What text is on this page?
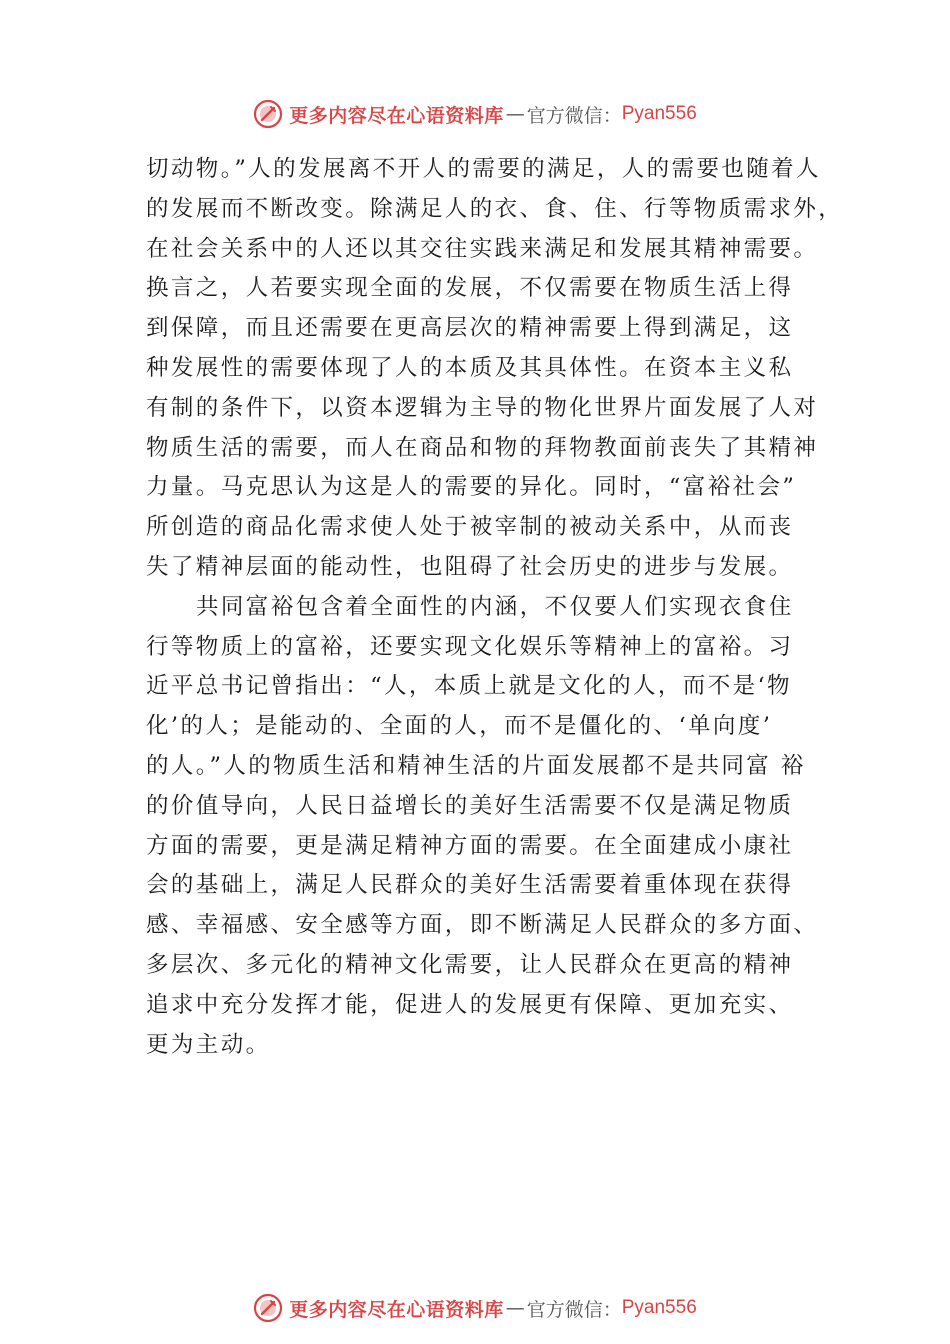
更多内容尽在心语资料库 — 官方微信： Pyan556
切动物。”人的发展离不开人的需要的满足，人的需要也随着人
的发展而不断改变。除满足人的衣、食、住、行等物质需求外，
在社会关系中的人还以其交往实践来满足和发展其精神需要。
换言之，人若要实现全面的发展，不仅需要在物质生活上得
到保障，而且还需要在更高层次的精神需要上得到满足，这
种发展性的需要体现了人的本质及其具体性。在资本主义私
有制的条件下，以资本逻辑为主导的物化世界片面发展了人对
物质生活的需要，而人在商品和物的拜物教面前丧失了其精神
力量。马克思认为这是人的需要的异化。同时，“富裕社会”
所创造的商品化需求使人处于被宰制的被动关系中，从而丧
失了精神层面的能动性，也阻碍了社会历史的进步与发展。
共同富裕包含着全面性的内涵，不仅要人们实现衣食住
行等物质上的富裕，还要实现文化娱乐等精神上的富裕。习
近平总书记曾指出：“人，本质上就是文化的人，而不是‘物
化’的人；是能动的、全面的人，而不是僵化的、‘单向度’
的人。”人的物质生活和精神生活的片面发展都不是共同富 裕
的价值导向，人民日益增长的美好生活需要不仅是满足物质
方面的需要，更是满足精神方面的需要。在全面建成小康社
会的基础上，满足人民群众的美好生活需要着重体现在获得
感、幸福感、安全感等方面，即不断满足人民群众的多方面、
多层次、多元化的精神文化需要，让人民群众在更高的精神
追求中充分发挥才能，促进人的发展更有保障、更加充实、
更为主动。
更多内容尽在心语资料库 — 官方微信： Pyan556
